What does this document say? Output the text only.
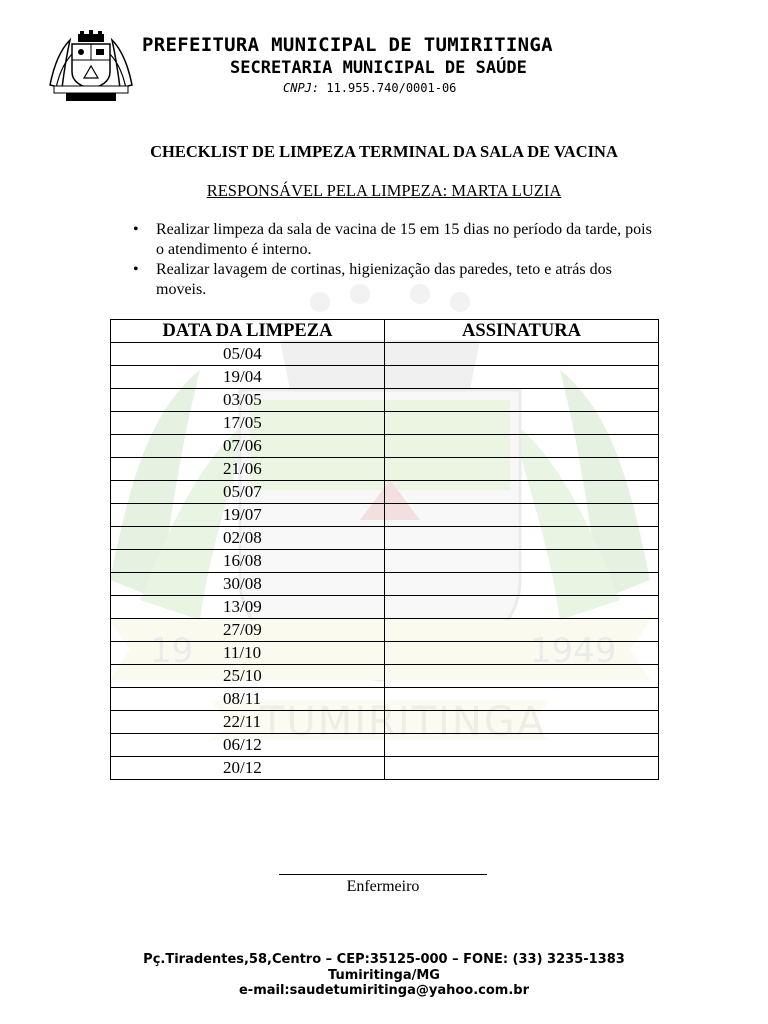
19	1949
TUMIRITINGA
PREFEITURA MUNICIPAL DE TUMIRITINGA
SECRETARIA MUNICIPAL DE SAÚDE
CNPJ: 11.955.740/0001-06
CHECKLIST DE LIMPEZA TERMINAL DA SALA DE VACINA
RESPONSÁVEL PELA LIMPEZA: MARTA LUZIA
• Realizar limpeza da sala de vacina de 15 em 15 dias no período da tarde, pois o atendimento é interno.
• Realizar lavagem de cortinas, higienização das paredes, teto e atrás dos moveis.
DATA DA LIMPEZA	ASSINATURA
05/04	
19/04	
03/05	
17/05	
07/06	
21/06	
05/07	
19/07	
02/08	
16/08	
30/08	
13/09	
27/09	
11/10	
25/10	
08/11	
22/11	
06/12	
20/12	
Enfermeiro
Pç.Tiradentes,58,Centro – CEP:35125-000 – FONE: (33) 3235-1383
Tumiritinga/MG
e-mail:saudetumiritinga@yahoo.com.br
